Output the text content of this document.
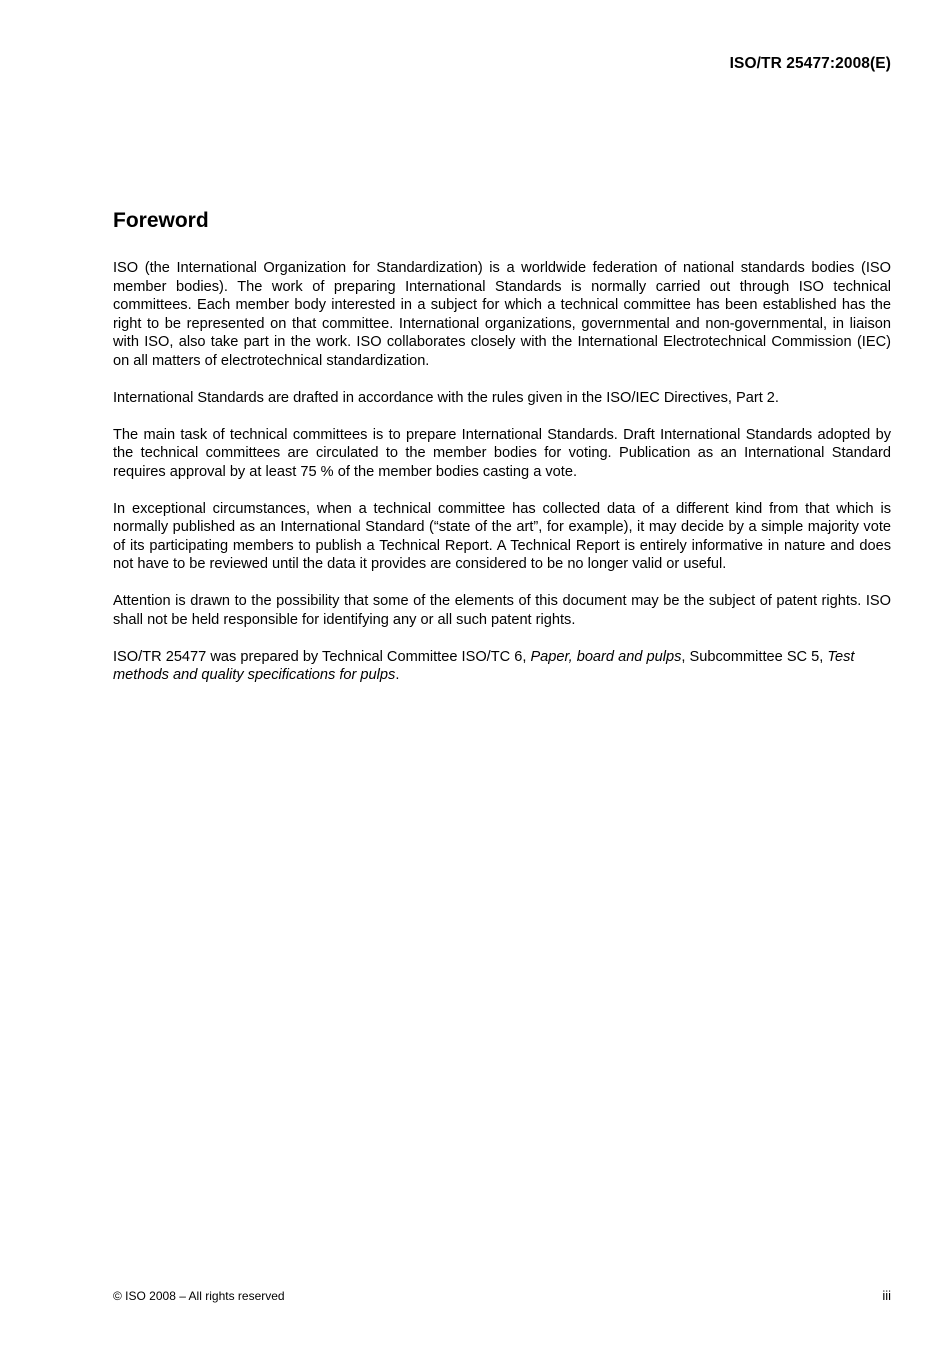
ISO/TR 25477:2008(E)
Foreword

ISO (the International Organization for Standardization) is a worldwide federation of national standards bodies (ISO member bodies). The work of preparing International Standards is normally carried out through ISO technical committees. Each member body interested in a subject for which a technical committee has been established has the right to be represented on that committee. International organizations, governmental and non-governmental, in liaison with ISO, also take part in the work. ISO collaborates closely with the International Electrotechnical Commission (IEC) on all matters of electrotechnical standardization.

International Standards are drafted in accordance with the rules given in the ISO/IEC Directives, Part 2.

The main task of technical committees is to prepare International Standards. Draft International Standards adopted by the technical committees are circulated to the member bodies for voting. Publication as an International Standard requires approval by at least 75 % of the member bodies casting a vote.

In exceptional circumstances, when a technical committee has collected data of a different kind from that which is normally published as an International Standard (“state of the art”, for example), it may decide by a simple majority vote of its participating members to publish a Technical Report. A Technical Report is entirely informative in nature and does not have to be reviewed until the data it provides are considered to be no longer valid or useful.

Attention is drawn to the possibility that some of the elements of this document may be the subject of patent rights. ISO shall not be held responsible for identifying any or all such patent rights.

ISO/TR 25477 was prepared by Technical Committee ISO/TC 6, Paper, board and pulps, Subcommittee SC 5, Test methods and quality specifications for pulps.

© ISO 2008 – All rights reserved	iii
